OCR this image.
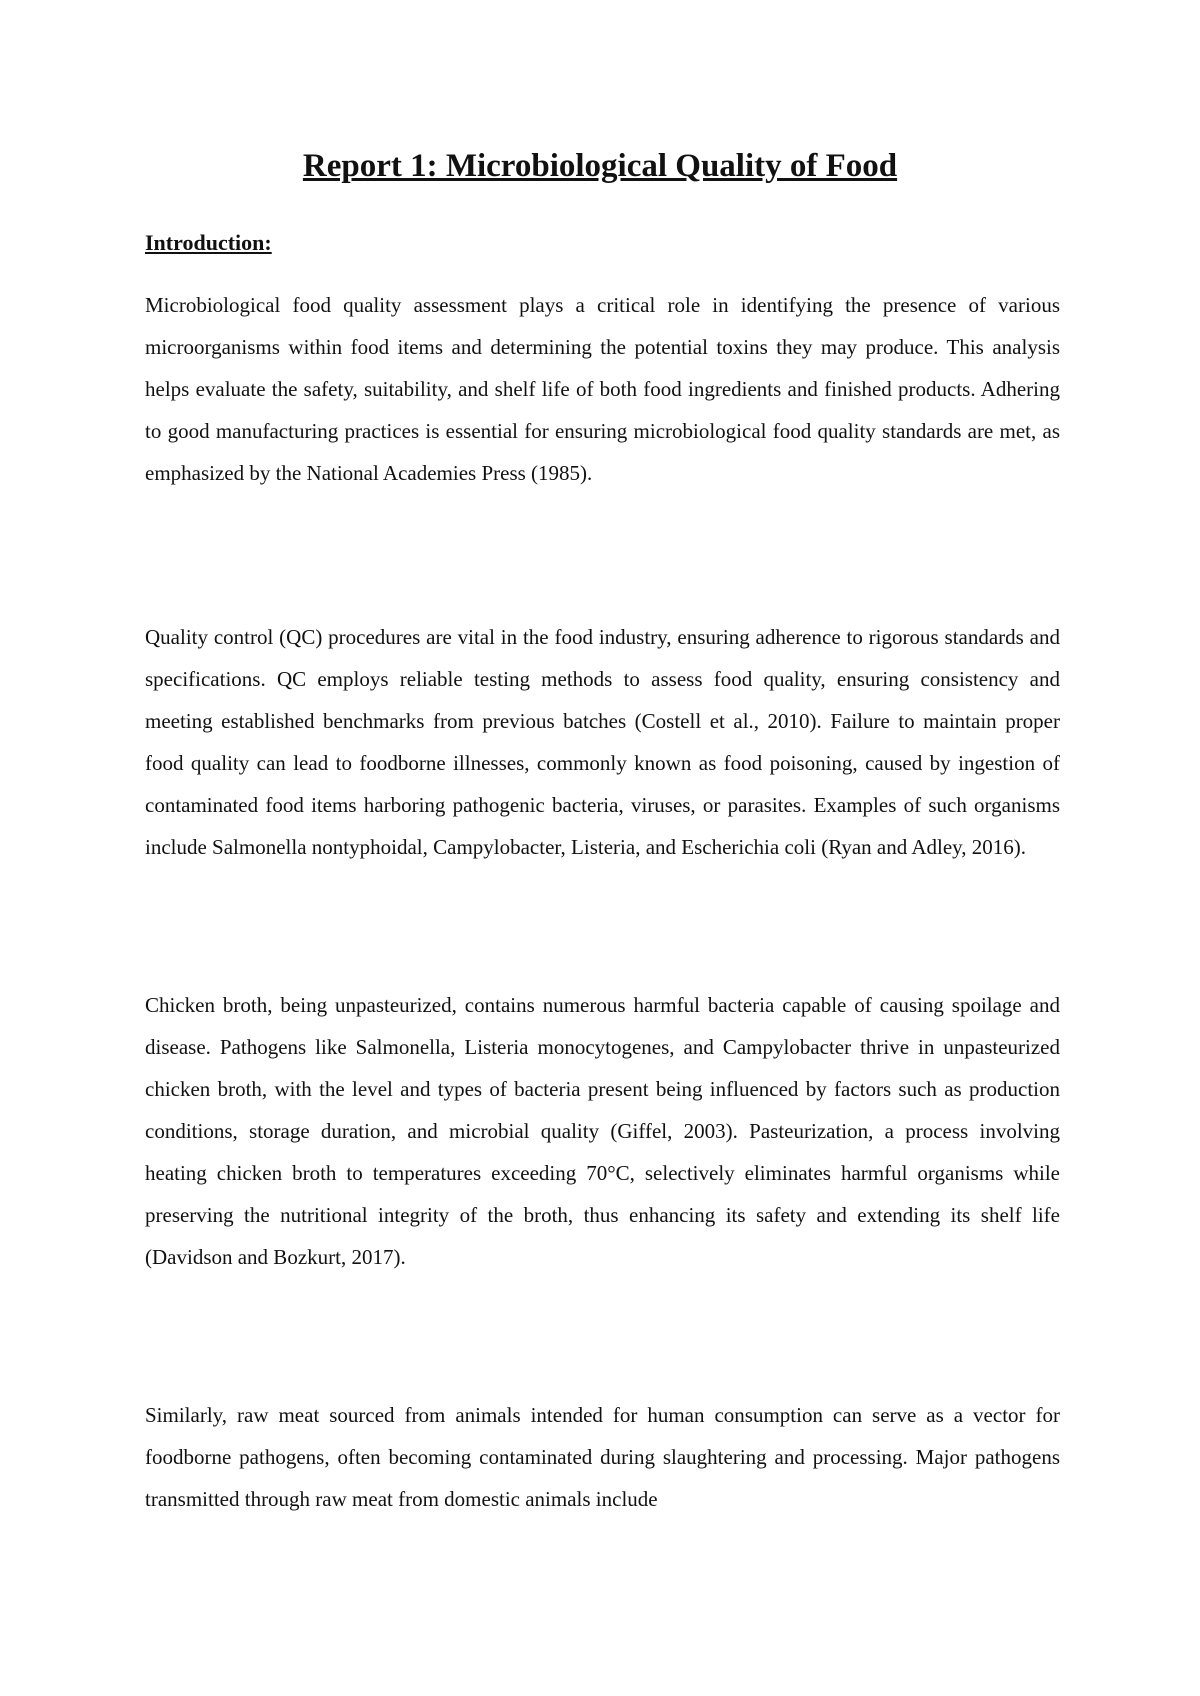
Report 1: Microbiological Quality of Food
Introduction:

Microbiological food quality assessment plays a critical role in identifying the presence of various microorganisms within food items and determining the potential toxins they may produce. This analysis helps evaluate the safety, suitability, and shelf life of both food ingredients and finished products. Adhering to good manufacturing practices is essential for ensuring microbiological food quality standards are met, as emphasized by the National Academies Press (1985).

Quality control (QC) procedures are vital in the food industry, ensuring adherence to rigorous standards and specifications. QC employs reliable testing methods to assess food quality, ensuring consistency and meeting established benchmarks from previous batches (Costell et al., 2010). Failure to maintain proper food quality can lead to foodborne illnesses, commonly known as food poisoning, caused by ingestion of contaminated food items harboring pathogenic bacteria, viruses, or parasites. Examples of such organisms include Salmonella nontyphoidal, Campylobacter, Listeria, and Escherichia coli (Ryan and Adley, 2016).

Chicken broth, being unpasteurized, contains numerous harmful bacteria capable of causing spoilage and disease. Pathogens like Salmonella, Listeria monocytogenes, and Campylobacter thrive in unpasteurized chicken broth, with the level and types of bacteria present being influenced by factors such as production conditions, storage duration, and microbial quality (Giffel, 2003). Pasteurization, a process involving heating chicken broth to temperatures exceeding 70°C, selectively eliminates harmful organisms while preserving the nutritional integrity of the broth, thus enhancing its safety and extending its shelf life (Davidson and Bozkurt, 2017).

Similarly, raw meat sourced from animals intended for human consumption can serve as a vector for foodborne pathogens, often becoming contaminated during slaughtering and processing. Major pathogens transmitted through raw meat from domestic animals include
